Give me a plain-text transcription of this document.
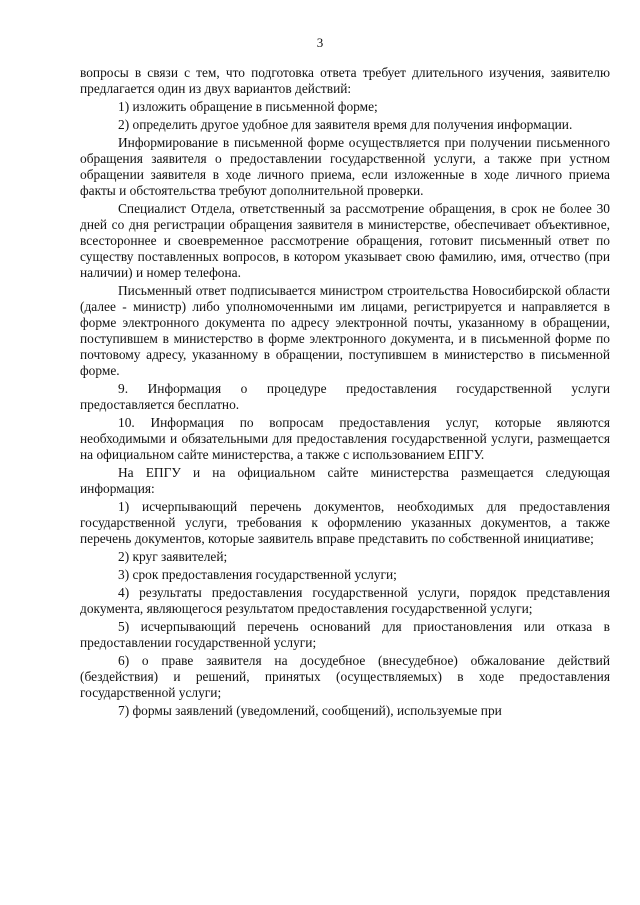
3

вопросы в связи с тем, что подготовка ответа требует длительного изучения, заявителю предлагается один из двух вариантов действий:

1) изложить обращение в письменной форме;

2) определить другое удобное для заявителя время для получения информации.

Информирование в письменной форме осуществляется при получении письменного обращения заявителя о предоставлении государственной услуги, а также при устном обращении заявителя в ходе личного приема, если изложенные в ходе личного приема факты и обстоятельства требуют дополнительной проверки.

Специалист Отдела, ответственный за рассмотрение обращения, в срок не более 30 дней со дня регистрации обращения заявителя в министерстве, обеспечивает объективное, всестороннее и своевременное рассмотрение обращения, готовит письменный ответ по существу поставленных вопросов, в котором указывает свою фамилию, имя, отчество (при наличии) и номер телефона.

Письменный ответ подписывается министром строительства Новосибирской области (далее - министр) либо уполномоченными им лицами, регистрируется и направляется в форме электронного документа по адресу электронной почты, указанному в обращении, поступившем в министерство в форме электронного документа, и в письменной форме по почтовому адресу, указанному в обращении, поступившем в министерство в письменной форме.

9. Информация о процедуре предоставления государственной услуги предоставляется бесплатно.

10. Информация по вопросам предоставления услуг, которые являются необходимыми и обязательными для предоставления государственной услуги, размещается на официальном сайте министерства, а также с использованием ЕПГУ.

На ЕПГУ и на официальном сайте министерства размещается следующая информация:

1) исчерпывающий перечень документов, необходимых для предоставления государственной услуги, требования к оформлению указанных документов, а также перечень документов, которые заявитель вправе представить по собственной инициативе;

2) круг заявителей;

3) срок предоставления государственной услуги;

4) результаты предоставления государственной услуги, порядок представления документа, являющегося результатом предоставления государственной услуги;

5) исчерпывающий перечень оснований для приостановления или отказа в предоставлении государственной услуги;

6) о праве заявителя на досудебное (внесудебное) обжалование действий (бездействия) и решений, принятых (осуществляемых) в ходе предоставления государственной услуги;

7) формы заявлений (уведомлений, сообщений), используемые при
